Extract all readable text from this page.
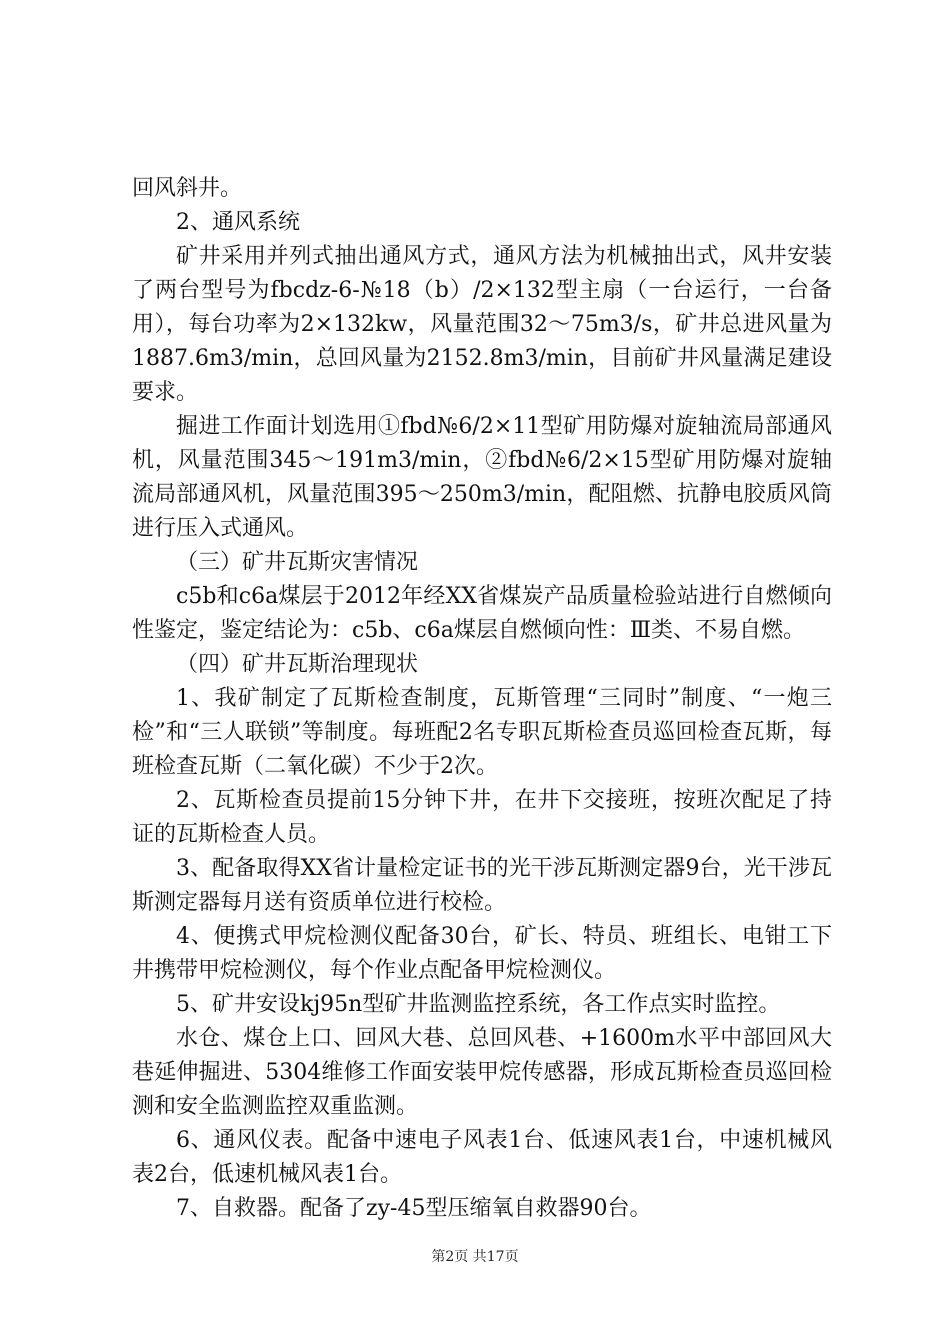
回风斜井。

2、通风系统

矿井采用并列式抽出通风方式，通风方法为机械抽出式，风井安装了两台型号为fbcdz-6-№18（b）/2×132型主扇（一台运行，一台备用），每台功率为2×132kw，风量范围32～75m3/s，矿井总进风量为1887.6m3/min，总回风量为2152.8m3/min，目前矿井风量满足建设要求。

掘进工作面计划选用①fbd№6/2×11型矿用防爆对旋轴流局部通风机，风量范围345～191m3/min，②fbd№6/2×15型矿用防爆对旋轴流局部通风机，风量范围395～250m3/min，配阻燃、抗静电胶质风筒进行压入式通风。

（三）矿井瓦斯灾害情况

c5b和c6a煤层于2012年经XX省煤炭产品质量检验站进行自燃倾向性鉴定，鉴定结论为：c5b、c6a煤层自燃倾向性：Ⅲ类、不易自燃。

（四）矿井瓦斯治理现状

1、我矿制定了瓦斯检查制度，瓦斯管理“三同时”制度、“一炮三检”和“三人联锁”等制度。每班配2名专职瓦斯检查员巡回检查瓦斯，每班检查瓦斯（二氧化碳）不少于2次。

2、瓦斯检查员提前15分钟下井，在井下交接班，按班次配足了持证的瓦斯检查人员。

3、配备取得XX省计量检定证书的光干涉瓦斯测定器9台，光干涉瓦斯测定器每月送有资质单位进行校检。

4、便携式甲烷检测仪配备30台，矿长、特员、班组长、电钳工下井携带甲烷检测仪，每个作业点配备甲烷检测仪。

5、矿井安设kj95n型矿井监测监控系统，各工作点实时监控。

水仓、煤仓上口、回风大巷、总回风巷、+1600m水平中部回风大巷延伸掘进、5304维修工作面安装甲烷传感器，形成瓦斯检查员巡回检测和安全监测监控双重监测。

6、通风仪表。配备中速电子风表1台、低速风表1台，中速机械风表2台，低速机械风表1台。

7、自救器。配备了zy-45型压缩氧自救器90台。

第2页 共17页
